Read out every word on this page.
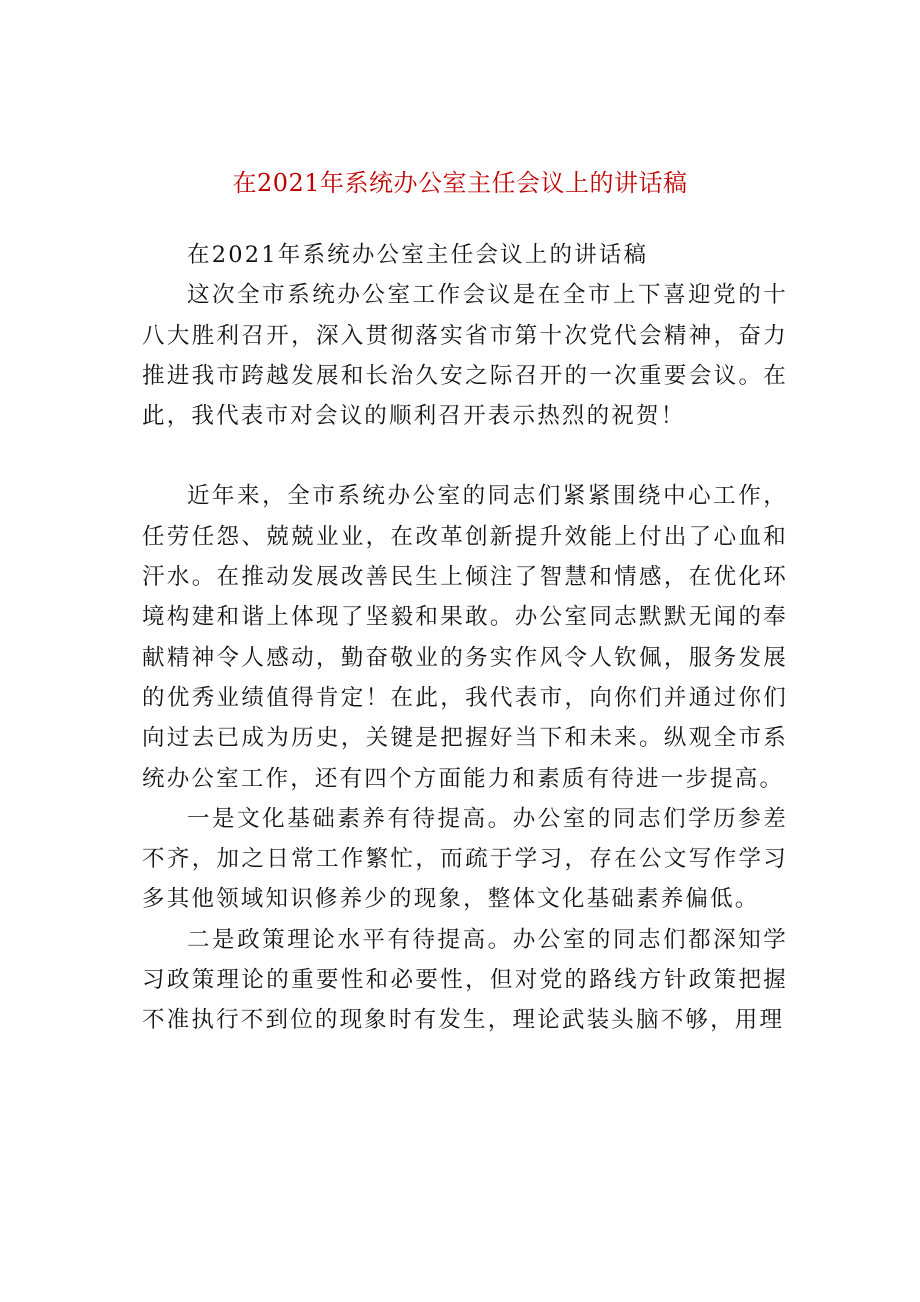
在2021年系统办公室主任会议上的讲话稿

在2021年系统办公室主任会议上的讲话稿

这次全市系统办公室工作会议是在全市上下喜迎党的十八大胜利召开，深入贯彻落实省市第十次党代会精神，奋力推进我市跨越发展和长治久安之际召开的一次重要会议。在此，我代表市对会议的顺利召开表示热烈的祝贺！

近年来，全市系统办公室的同志们紧紧围绕中心工作，任劳任怨、兢兢业业，在改革创新提升效能上付出了心血和汗水。在推动发展改善民生上倾注了智慧和情感，在优化环境构建和谐上体现了坚毅和果敢。办公室同志默默无闻的奉献精神令人感动，勤奋敬业的务实作风令人钦佩，服务发展的优秀业绩值得肯定！在此，我代表市，向你们并通过你们向过去已成为历史，关键是把握好当下和未来。纵观全市系统办公室工作，还有四个方面能力和素质有待进一步提高。

一是文化基础素养有待提高。办公室的同志们学历参差不齐，加之日常工作繁忙，而疏于学习，存在公文写作学习多其他领域知识修养少的现象，整体文化基础素养偏低。

二是政策理论水平有待提高。办公室的同志们都深知学习政策理论的重要性和必要性，但对党的路线方针政策把握不准执行不到位的现象时有发生，理论武装头脑不够，用理
